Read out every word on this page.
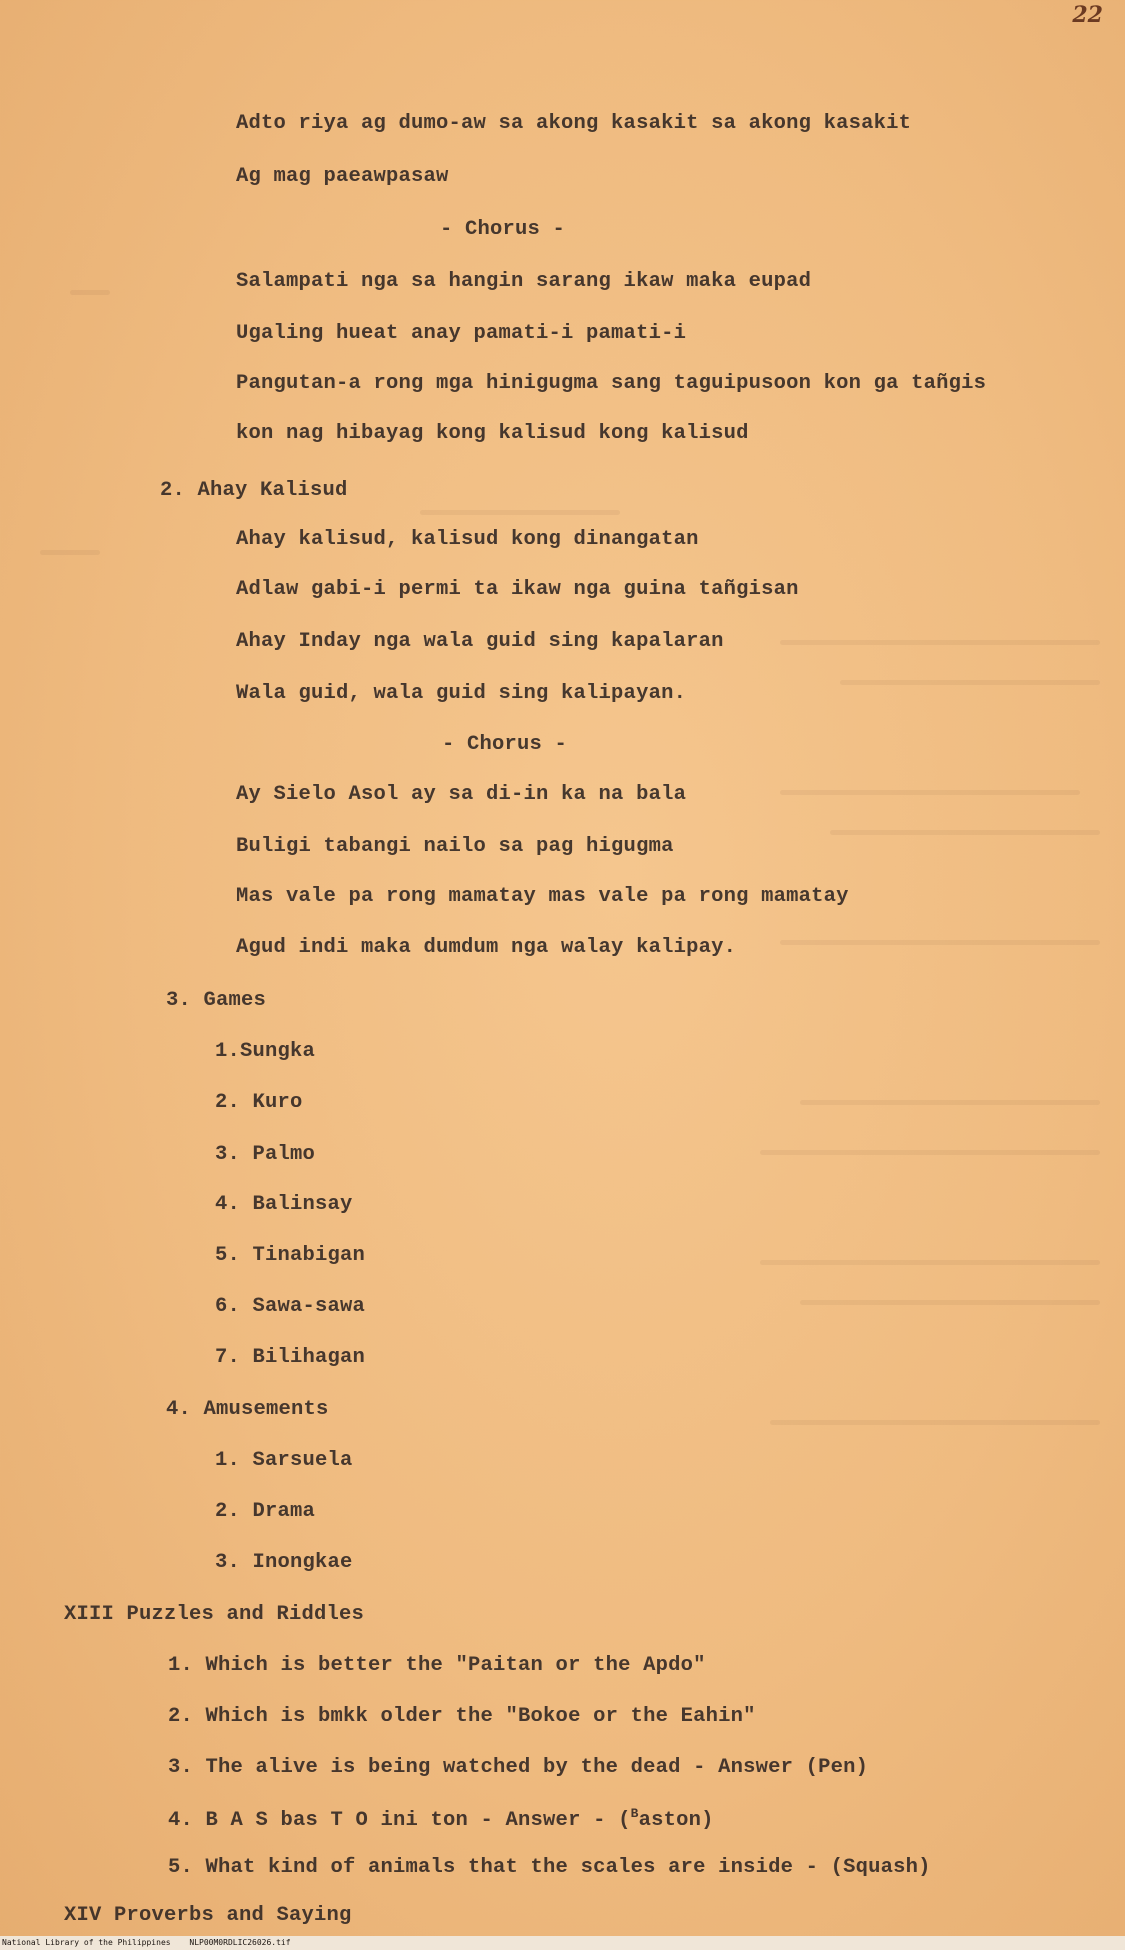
22
Adto riya ag dumo-aw sa akong kasakit sa akong kasakit
Ag mag paeawpasaw
- Chorus -
Salampati nga sa hangin sarang ikaw maka eupad
Ugaling hueat anay pamati-i pamati-i
Pangutan-a rong mga hinigugma sang taguipusoon kon ga tañgis
kon nag hibayag kong kalisud kong kalisud
2. Ahay Kalisud
Ahay kalisud, kalisud kong dinangatan
Adlaw gabi-i permi ta ikaw nga guina tañgisan
Ahay Inday nga wala guid sing kapalaran
Wala guid, wala guid sing kalipayan.
- Chorus -
Ay Sielo Asol ay sa di-in ka na bala
Buligi tabangi nailo sa pag higugma
Mas vale pa rong mamatay mas vale pa rong mamatay
Agud indi maka dumdum nga walay kalipay.
3. Games
1.Sungka
2. Kuro
3. Palmo
4. Balinsay
5. Tinabigan
6. Sawa-sawa
7. Bilihagan
4. Amusements
1. Sarsuela
2. Drama
3. Inongkae
XIII Puzzles and Riddles
1. Which is better the "Paitan or the Apdo"
2. Which is bmkk older the "Bokoe or the Eahin"
3. The alive is being watched by the dead - Answer (Pen)
4. B A S bas T O ini ton - Answer - ($^B$aston)
5. What kind of animals that the scales are inside - (Squash)
XIV Proverbs and Saying
National Library of the Philippines NLP00M0RDLIC26026.tif
